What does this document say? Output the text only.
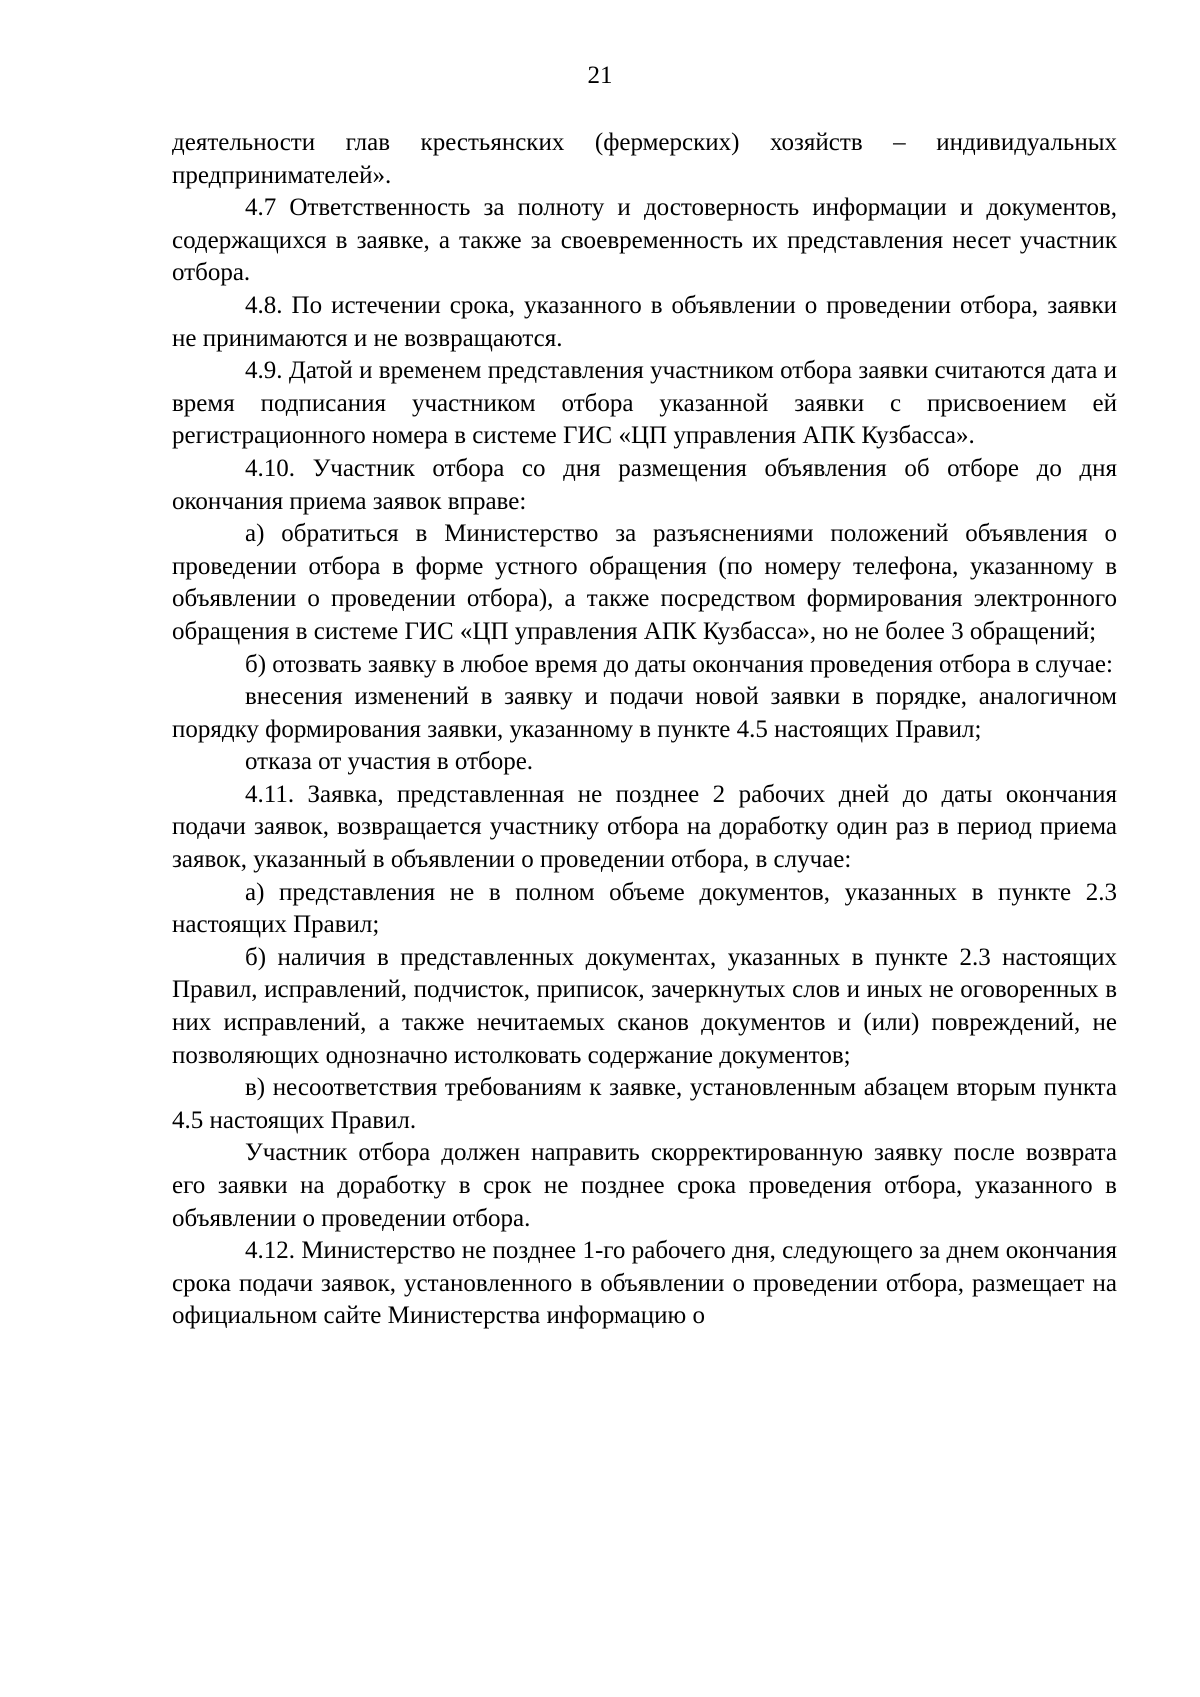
21

деятельности глав крестьянских (фермерских) хозяйств – индивидуальных предпринимателей».

4.7 Ответственность за полноту и достоверность информации и документов, содержащихся в заявке, а также за своевременность их представления несет участник отбора.

4.8. По истечении срока, указанного в объявлении о проведении отбора, заявки не принимаются и не возвращаются.

4.9. Датой и временем представления участником отбора заявки считаются дата и время подписания участником отбора указанной заявки с присвоением ей регистрационного номера в системе ГИС «ЦП управления АПК Кузбасса».

4.10. Участник отбора со дня размещения объявления об отборе до дня окончания приема заявок вправе:

а) обратиться в Министерство за разъяснениями положений объявления о проведении отбора в форме устного обращения (по номеру телефона, указанному в объявлении о проведении отбора), а также посредством формирования электронного обращения в системе ГИС «ЦП управления АПК Кузбасса», но не более 3 обращений;

б) отозвать заявку в любое время до даты окончания проведения отбора в случае:

внесения изменений в заявку и подачи новой заявки в порядке, аналогичном порядку формирования заявки, указанному в пункте 4.5 настоящих Правил;

отказа от участия в отборе.

4.11. Заявка, представленная не позднее 2 рабочих дней до даты окончания подачи заявок, возвращается участнику отбора на доработку один раз в период приема заявок, указанный в объявлении о проведении отбора, в случае:

а) представления не в полном объеме документов, указанных в пункте 2.3 настоящих Правил;

б) наличия в представленных документах, указанных в пункте 2.3 настоящих Правил, исправлений, подчисток, приписок, зачеркнутых слов и иных не оговоренных в них исправлений, а также нечитаемых сканов документов и (или) повреждений, не позволяющих однозначно истолковать содержание документов;

в) несоответствия требованиям к заявке, установленным абзацем вторым пункта 4.5 настоящих Правил.

Участник отбора должен направить скорректированную заявку после возврата его заявки на доработку в срок не позднее срока проведения отбора, указанного в объявлении о проведении отбора.

4.12. Министерство не позднее 1-го рабочего дня, следующего за днем окончания срока подачи заявок, установленного в объявлении о проведении отбора, размещает на официальном сайте Министерства информацию о
